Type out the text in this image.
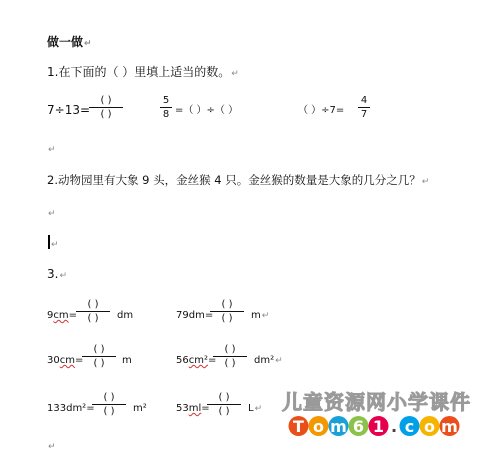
做一做↵
1.在下面的（ ）里填上适当的数。↵
7÷13=
( )
( )
5
8 =（ ）÷（ ）	（ ）÷7=
4
7
↵
2.动物园里有大象 9 头，金丝猴 4 只。金丝猴的数量是大象的几分之几？↵
↵
↵
3.↵
9cm=
( )
( )	dm	79dm=
( )
( )	m↵
30cm=
( )
( )	m	56cm²=
( )
( )	dm²↵
133dm²=
( )
( )	m²	53ml=
( )
( )	L↵
↵
儿童资源网小学课件
T o m 6 1 . c o m
